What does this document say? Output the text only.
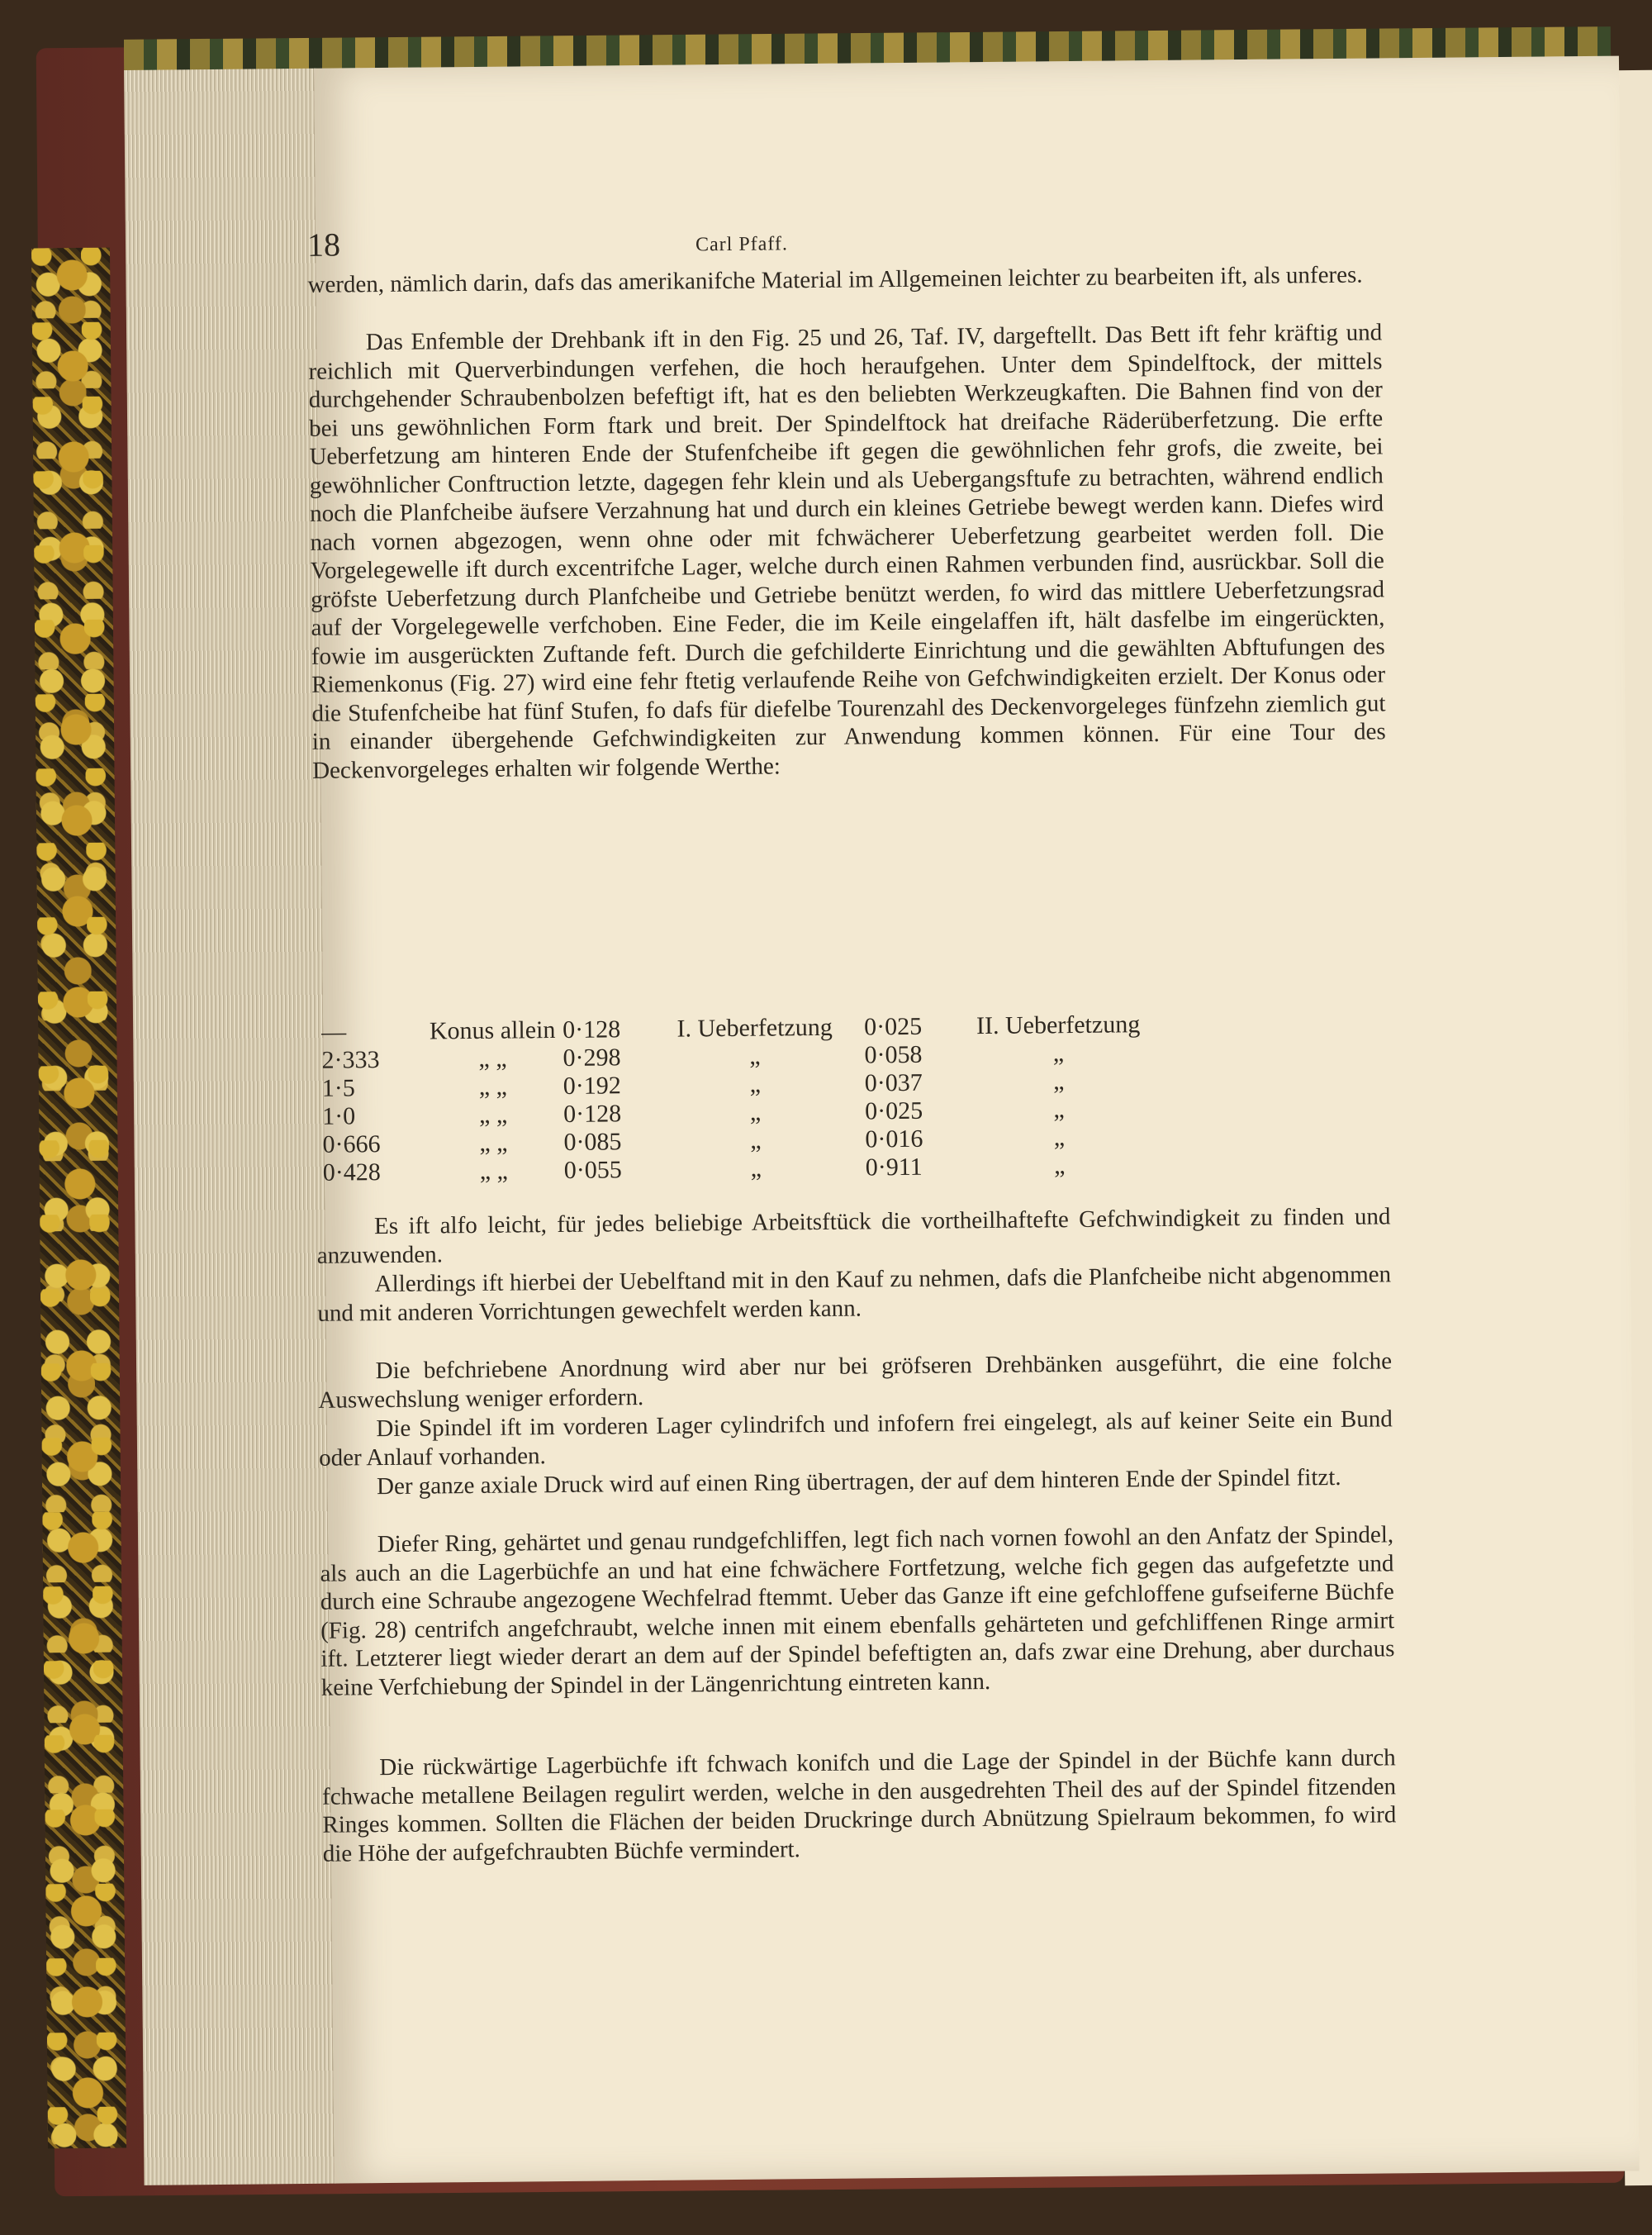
18	Carl Pfaff.

werden, nämlich darin, dafs das amerikanifche Material im Allgemeinen leichter zu bearbeiten ift, als unferes.

Das Enfemble der Drehbank ift in den Fig. 25 und 26, Taf. IV, dargeftellt. Das Bett ift fehr kräftig und reichlich mit Querverbindungen verfehen, die hoch heraufgehen. Unter dem Spindelftock, der mittels durchgehender Schraubenbolzen befeftigt ift, hat es den beliebten Werkzeugkaften. Die Bahnen find von der bei uns gewöhnlichen Form ftark und breit. Der Spindelftock hat dreifache Räderüberfetzung. Die erfte Ueberfetzung am hinteren Ende der Stufenfcheibe ift gegen die gewöhnlichen fehr grofs, die zweite, bei gewöhnlicher Conftruction letzte, dagegen fehr klein und als Uebergangsftufe zu betrachten, während endlich noch die Planfcheibe äufsere Verzahnung hat und durch ein kleines Getriebe bewegt werden kann. Diefes wird nach vornen abgezogen, wenn ohne oder mit fchwächerer Ueberfetzung gearbeitet werden foll. Die Vorgelegewelle ift durch excentrifche Lager, welche durch einen Rahmen verbunden find, ausrückbar. Soll die gröfste Ueberfetzung durch Planfcheibe und Getriebe benützt werden, fo wird das mittlere Ueberfetzungsrad auf der Vorgelegewelle verfchoben. Eine Feder, die im Keile eingelaffen ift, hält dasfelbe im eingerückten, fowie im ausgerückten Zuftande feft. Durch die gefchilderte Einrichtung und die gewählten Abftufungen des Riemenkonus (Fig. 27) wird eine fehr ftetig verlaufende Reihe von Gefchwindigkeiten erzielt. Der Konus oder die Stufenfcheibe hat fünf Stufen, fo dafs für diefelbe Tourenzahl des Deckenvorgeleges fünfzehn ziemlich gut in einander übergehende Gefchwindigkeiten zur Anwendung kommen können. Für eine Tour des Deckenvorgeleges erhalten wir folgende Werthe:

—	Konus allein	0·128	I. Ueberfetzung	0·025	II. Ueberfetzung
2·333	„ „	0·298	„	0·058	„
1·5	„ „	0·192	„	0·037	„
1·0	„ „	0·128	„	0·025	„
0·666	„ „	0·085	„	0·016	„
0·428	„ „	0·055	„	0·911	„

Es ift alfo leicht, für jedes beliebige Arbeitsftück die vortheilhaftefte Gefchwindigkeit zu finden und anzuwenden.

Allerdings ift hierbei der Uebelftand mit in den Kauf zu nehmen, dafs die Planfcheibe nicht abgenommen und mit anderen Vorrichtungen gewechfelt werden kann.

Die befchriebene Anordnung wird aber nur bei gröfseren Drehbänken ausgeführt, die eine folche Auswechslung weniger erfordern.

Die Spindel ift im vorderen Lager cylindrifch und infofern frei eingelegt, als auf keiner Seite ein Bund oder Anlauf vorhanden.

Der ganze axiale Druck wird auf einen Ring übertragen, der auf dem hinteren Ende der Spindel fitzt.

Diefer Ring, gehärtet und genau rundgefchliffen, legt fich nach vornen fowohl an den Anfatz der Spindel, als auch an die Lagerbüchfe an und hat eine fchwächere Fortfetzung, welche fich gegen das aufgefetzte und durch eine Schraube angezogene Wechfelrad ftemmt. Ueber das Ganze ift eine gefchloffene gufseiferne Büchfe (Fig. 28) centrifch angefchraubt, welche innen mit einem ebenfalls gehärteten und gefchliffenen Ringe armirt ift. Letzterer liegt wieder derart an dem auf der Spindel befeftigten an, dafs zwar eine Drehung, aber durchaus keine Verfchiebung der Spindel in der Längenrichtung eintreten kann.

Die rückwärtige Lagerbüchfe ift fchwach konifch und die Lage der Spindel in der Büchfe kann durch fchwache metallene Beilagen regulirt werden, welche in den ausgedrehten Theil des auf der Spindel fitzenden Ringes kommen. Sollten die Flächen der beiden Druckringe durch Abnützung Spielraum bekommen, fo wird die Höhe der aufgefchraubten Büchfe vermindert.
